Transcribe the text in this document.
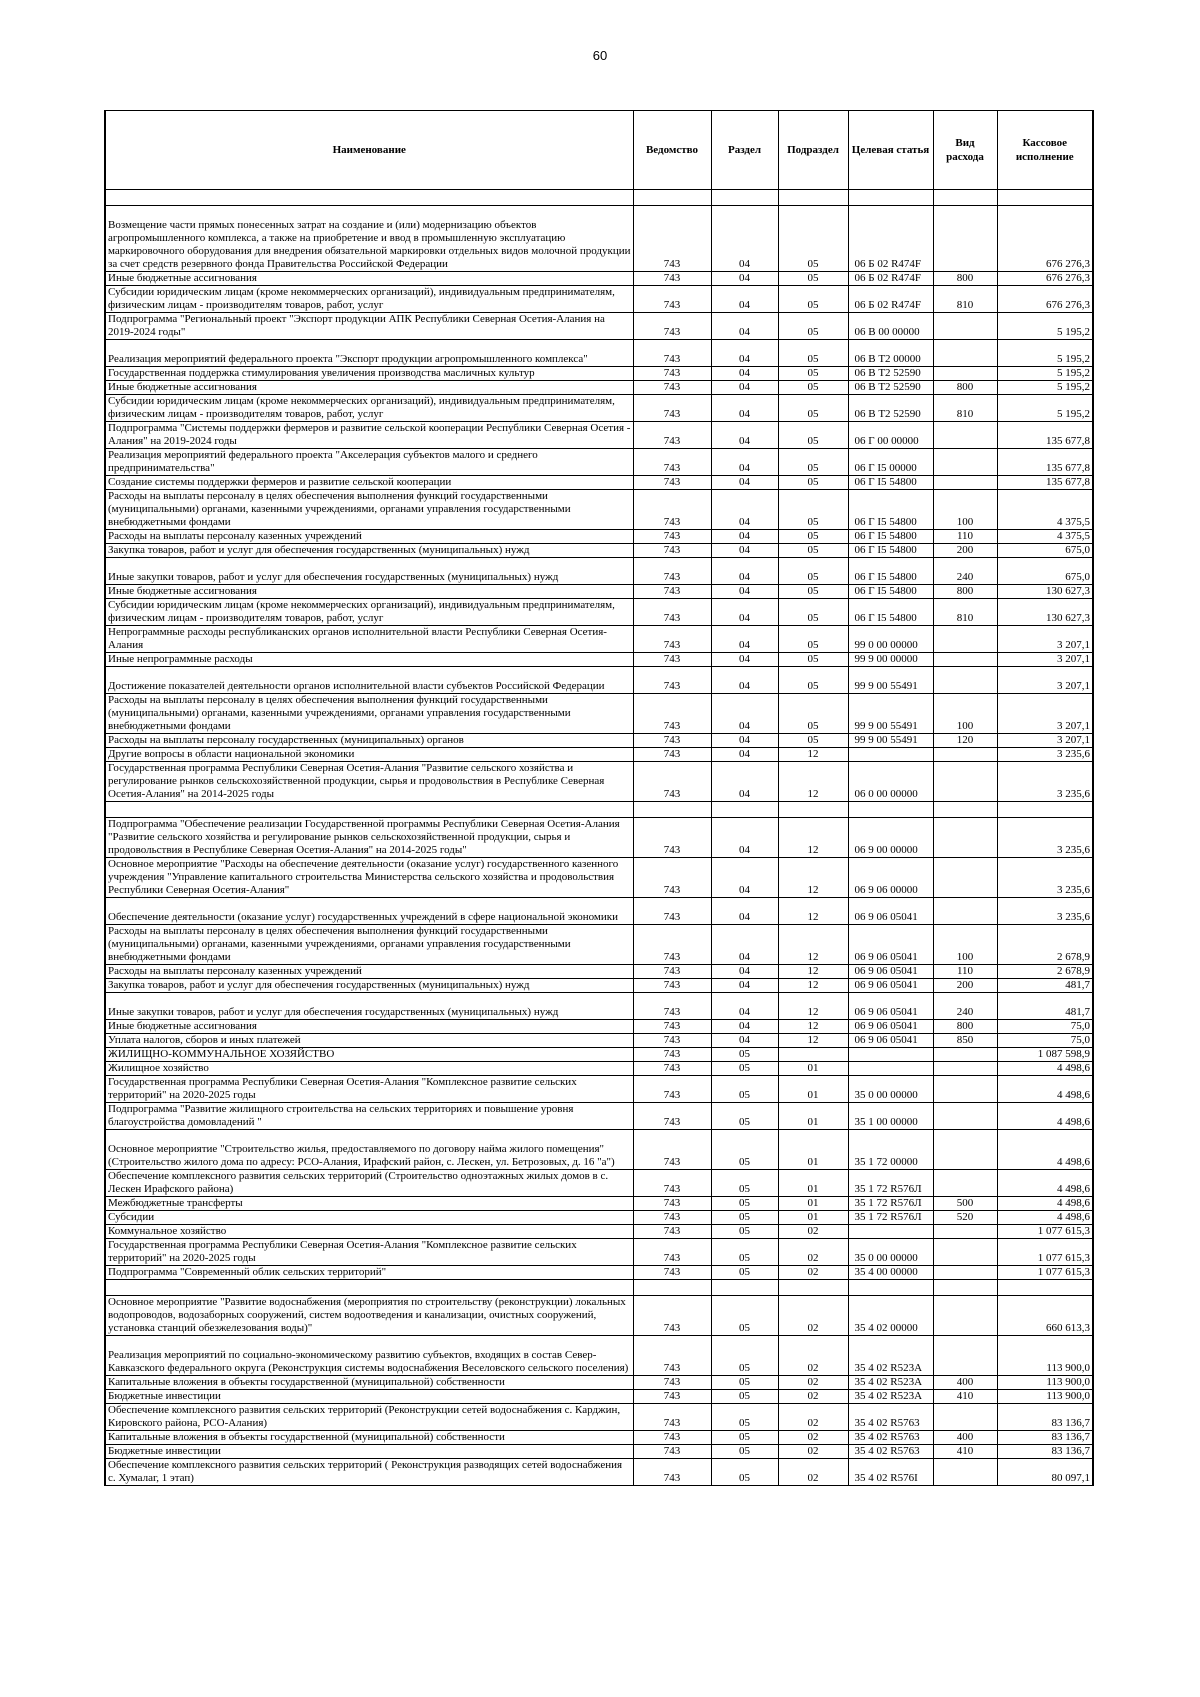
60
Наименование	Ведомство	Раздел	Подраздел	Целевая статья	Вид расхода	Кассовое исполнение

Возмещение части прямых понесенных затрат на создание и (или) модернизацию объектов агропромышленного комплекса, а также на приобретение и ввод в промышленную эксплуатацию маркировочного оборудования для внедрения обязательной маркировки отдельных видов молочной продукции за счет средств резервного фонда Правительства Российской Федерации	743	04	05	06 Б 02 R474F		676 276,3
Иные бюджетные ассигнования	743	04	05	06 Б 02 R474F	800	676 276,3
Субсидии юридическим лицам (кроме некоммерческих организаций), индивидуальным предпринимателям, физическим лицам - производителям товаров, работ, услуг	743	04	05	06 Б 02 R474F	810	676 276,3
Подпрограмма "Региональный проект "Экспорт продукции АПК Республики Северная Осетия-Алания на 2019-2024 годы"	743	04	05	06 В 00 00000		5 195,2
Реализация мероприятий федерального проекта "Экспорт продукции агропромышленного комплекса"	743	04	05	06 В Т2 00000		5 195,2
Государственная поддержка стимулирования увеличения производства масличных культур	743	04	05	06 В Т2 52590		5 195,2
Иные бюджетные ассигнования	743	04	05	06 В Т2 52590	800	5 195,2
Субсидии юридическим лицам (кроме некоммерческих организаций), индивидуальным предпринимателям, физическим лицам - производителям товаров, работ, услуг	743	04	05	06 В Т2 52590	810	5 195,2
Подпрограмма "Системы поддержки фермеров и развитие сельской кооперации Республики Северная Осетия - Алания" на 2019-2024 годы	743	04	05	06 Г 00 00000		135 677,8
Реализация мероприятий федерального проекта "Акселерация субъектов малого и среднего предпринимательства"	743	04	05	06 Г I5 00000		135 677,8
Создание системы поддержки фермеров и развитие сельской кооперации	743	04	05	06 Г I5 54800		135 677,8
Расходы на выплаты персоналу в целях обеспечения выполнения функций государственными (муниципальными) органами, казенными учреждениями, органами управления государственными внебюджетными фондами	743	04	05	06 Г I5 54800	100	4 375,5
Расходы на выплаты персоналу казенных учреждений	743	04	05	06 Г I5 54800	110	4 375,5
Закупка товаров, работ и услуг для обеспечения государственных (муниципальных) нужд	743	04	05	06 Г I5 54800	200	675,0
Иные закупки товаров, работ и услуг для обеспечения государственных (муниципальных) нужд	743	04	05	06 Г I5 54800	240	675,0
Иные бюджетные ассигнования	743	04	05	06 Г I5 54800	800	130 627,3
Субсидии юридическим лицам (кроме некоммерческих организаций), индивидуальным предпринимателям, физическим лицам - производителям товаров, работ, услуг	743	04	05	06 Г I5 54800	810	130 627,3
Непрограммные расходы республиканских органов исполнительной власти Республики Северная Осетия-Алания	743	04	05	99 0 00 00000		3 207,1
Иные непрограммные расходы	743	04	05	99 9 00 00000		3 207,1
Достижение показателей деятельности органов исполнительной власти субъектов Российской Федерации	743	04	05	99 9 00 55491		3 207,1
Расходы на выплаты персоналу в целях обеспечения выполнения функций государственными (муниципальными) органами, казенными учреждениями, органами управления государственными внебюджетными фондами	743	04	05	99 9 00 55491	100	3 207,1
Расходы на выплаты персоналу государственных (муниципальных) органов	743	04	05	99 9 00 55491	120	3 207,1
Другие вопросы в области национальной экономики	743	04	12			3 235,6
Государственная программа Республики Северная Осетия-Алания "Развитие сельского хозяйства и регулирование рынков сельскохозяйственной продукции, сырья и продовольствия в Республике Северная Осетия-Алания" на 2014-2025 годы	743	04	12	06 0 00 00000		3 235,6

Подпрограмма "Обеспечение реализации Государственной программы Республики Северная Осетия-Алания "Развитие сельского хозяйства и регулирование рынков сельскохозяйственной продукции, сырья и продовольствия в Республике Северная Осетия-Алания" на 2014-2025 годы"	743	04	12	06 9 00 00000		3 235,6
Основное мероприятие "Расходы на обеспечение деятельности (оказание услуг) государственного казенного учреждения "Управление капитального строительства Министерства сельского хозяйства и продовольствия Республики Северная Осетия-Алания"	743	04	12	06 9 06 00000		3 235,6
Обеспечение деятельности (оказание услуг) государственных учреждений в сфере национальной экономики	743	04	12	06 9 06 05041		3 235,6
Расходы на выплаты персоналу в целях обеспечения выполнения функций государственными (муниципальными) органами, казенными учреждениями, органами управления государственными внебюджетными фондами	743	04	12	06 9 06 05041	100	2 678,9
Расходы на выплаты персоналу казенных учреждений	743	04	12	06 9 06 05041	110	2 678,9
Закупка товаров, работ и услуг для обеспечения государственных (муниципальных) нужд	743	04	12	06 9 06 05041	200	481,7
Иные закупки товаров, работ и услуг для обеспечения государственных (муниципальных) нужд	743	04	12	06 9 06 05041	240	481,7
Иные бюджетные ассигнования	743	04	12	06 9 06 05041	800	75,0
Уплата налогов, сборов и иных платежей	743	04	12	06 9 06 05041	850	75,0
ЖИЛИЩНО-КОММУНАЛЬНОЕ ХОЗЯЙСТВО	743	05				1 087 598,9
Жилищное хозяйство	743	05	01			4 498,6
Государственная программа Республики Северная Осетия-Алания "Комплексное развитие сельских территорий" на 2020-2025 годы	743	05	01	35 0 00 00000		4 498,6
Подпрограмма "Развитие жилищного строительства на сельских территориях и повышение уровня благоустройства домовладений "	743	05	01	35 1 00 00000		4 498,6
Основное мероприятие "Строительство жилья, предоставляемого по договору найма жилого помещения" (Строительство жилого дома по адресу: РСО-Алания, Ирафский район, с. Лескен, ул. Бетрозовых, д. 16 "а")	743	05	01	35 1 72 00000		4 498,6
Обеспечение комплексного развития сельских территорий (Строительство одноэтажных жилых домов в с. Лескен Ирафского района)	743	05	01	35 1 72 R576Л		4 498,6
Межбюджетные трансферты	743	05	01	35 1 72 R576Л	500	4 498,6
Субсидии	743	05	01	35 1 72 R576Л	520	4 498,6
Коммунальное хозяйство	743	05	02			1 077 615,3
Государственная программа Республики Северная Осетия-Алания "Комплексное развитие сельских территорий" на 2020-2025 годы	743	05	02	35 0 00 00000		1 077 615,3
Подпрограмма "Современный облик сельских территорий"	743	05	02	35 4 00 00000		1 077 615,3

Основное мероприятие "Развитие водоснабжения (мероприятия по строительству (реконструкции) локальных водопроводов, водозаборных сооружений, систем водоотведения и канализации, очистных сооружений, установка станций обезжелезования воды)"	743	05	02	35 4 02 00000		660 613,3
Реализация мероприятий по социально-экономическому развитию субъектов, входящих в состав Север-Кавказского федерального округа (Реконструкция системы водоснабжения Веселовского сельского поселения)	743	05	02	35 4 02 R523A		113 900,0
Капитальные вложения в объекты государственной (муниципальной) собственности	743	05	02	35 4 02 R523A	400	113 900,0
Бюджетные инвестиции	743	05	02	35 4 02 R523A	410	113 900,0
Обеспечение комплексного развития сельских территорий (Реконструкции сетей водоснабжения с. Карджин, Кировского района, РСО-Алания)	743	05	02	35 4 02 R5763		83 136,7
Капитальные вложения в объекты государственной (муниципальной) собственности	743	05	02	35 4 02 R5763	400	83 136,7
Бюджетные инвестиции	743	05	02	35 4 02 R5763	410	83 136,7
Обеспечение комплексного развития сельских территорий ( Реконструкция разводящих сетей водоснабжения с. Хумалаг, 1 этап)	743	05	02	35 4 02 R576I		80 097,1
